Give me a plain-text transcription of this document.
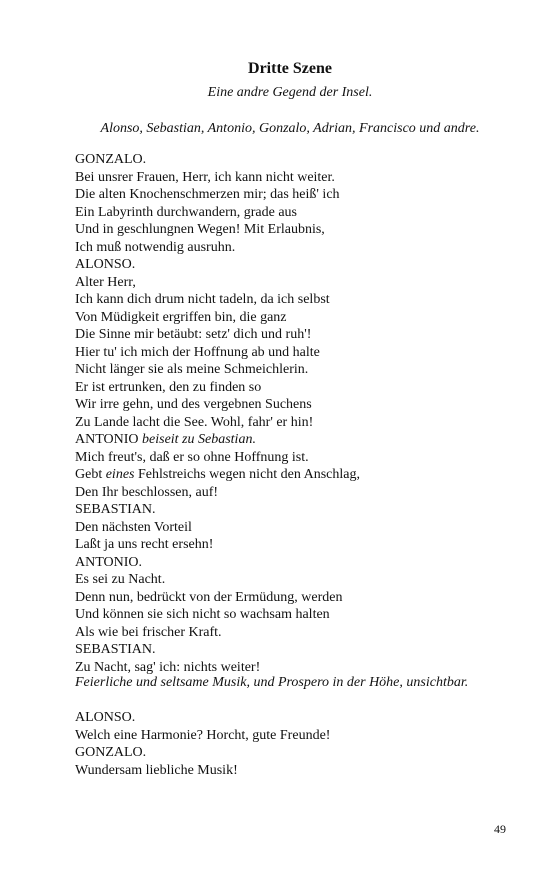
Dritte Szene
Eine andre Gegend der Insel.
Alonso, Sebastian, Antonio, Gonzalo, Adrian, Francisco und andre.
GONZALO.
Bei unsrer Frauen, Herr, ich kann nicht weiter.
Die alten Knochenschmerzen mir; das heiß' ich
Ein Labyrinth durchwandern, grade aus
Und in geschlungnen Wegen! Mit Erlaubnis,
Ich muß notwendig ausruhn.
ALONSO.
Alter Herr,
Ich kann dich drum nicht tadeln, da ich selbst
Von Müdigkeit ergriffen bin, die ganz
Die Sinne mir betäubt: setz' dich und ruh'!
Hier tu' ich mich der Hoffnung ab und halte
Nicht länger sie als meine Schmeichlerin.
Er ist ertrunken, den zu finden so
Wir irre gehn, und des vergebnen Suchens
Zu Lande lacht die See. Wohl, fahr' er hin!
ANTONIO beiseit zu Sebastian.
Mich freut's, daß er so ohne Hoffnung ist.
Gebt eines Fehlstreichs wegen nicht den Anschlag,
Den Ihr beschlossen, auf!
SEBASTIAN.
Den nächsten Vorteil
Laßt ja uns recht ersehn!
ANTONIO.
Es sei zu Nacht.
Denn nun, bedrückt von der Ermüdung, werden
Und können sie sich nicht so wachsam halten
Als wie bei frischer Kraft.
SEBASTIAN.
Zu Nacht, sag' ich: nichts weiter!
Feierliche und seltsame Musik, und Prospero in der Höhe, unsichtbar.
ALONSO.
Welch eine Harmonie? Horcht, gute Freunde!
GONZALO.
Wundersam liebliche Musik!
49
